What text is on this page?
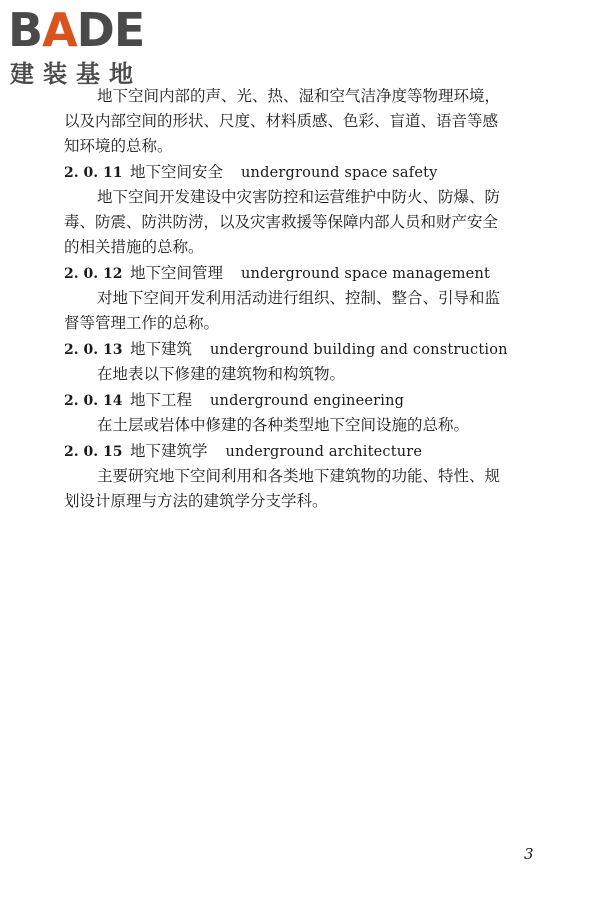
BADE
建装基地
地下空间内部的声、光、热、湿和空气洁净度等物理环境，
以及内部空间的形状、尺度、材料质感、色彩、盲道、语音等感
知环境的总称。
2. 0. 11 地下空间安全 underground space safety
地下空间开发建设中灾害防控和运营维护中防火、防爆、防
毒、防震、防洪防涝，以及灾害救援等保障内部人员和财产安全
的相关措施的总称。
2. 0. 12 地下空间管理 underground space management
对地下空间开发利用活动进行组织、控制、整合、引导和监
督等管理工作的总称。
2. 0. 13 地下建筑 underground building and construction
在地表以下修建的建筑物和构筑物。
2. 0. 14 地下工程 underground engineering
在土层或岩体中修建的各种类型地下空间设施的总称。
2. 0. 15 地下建筑学 underground architecture
主要研究地下空间利用和各类地下建筑物的功能、特性、规
划设计原理与方法的建筑学分支学科。
3
